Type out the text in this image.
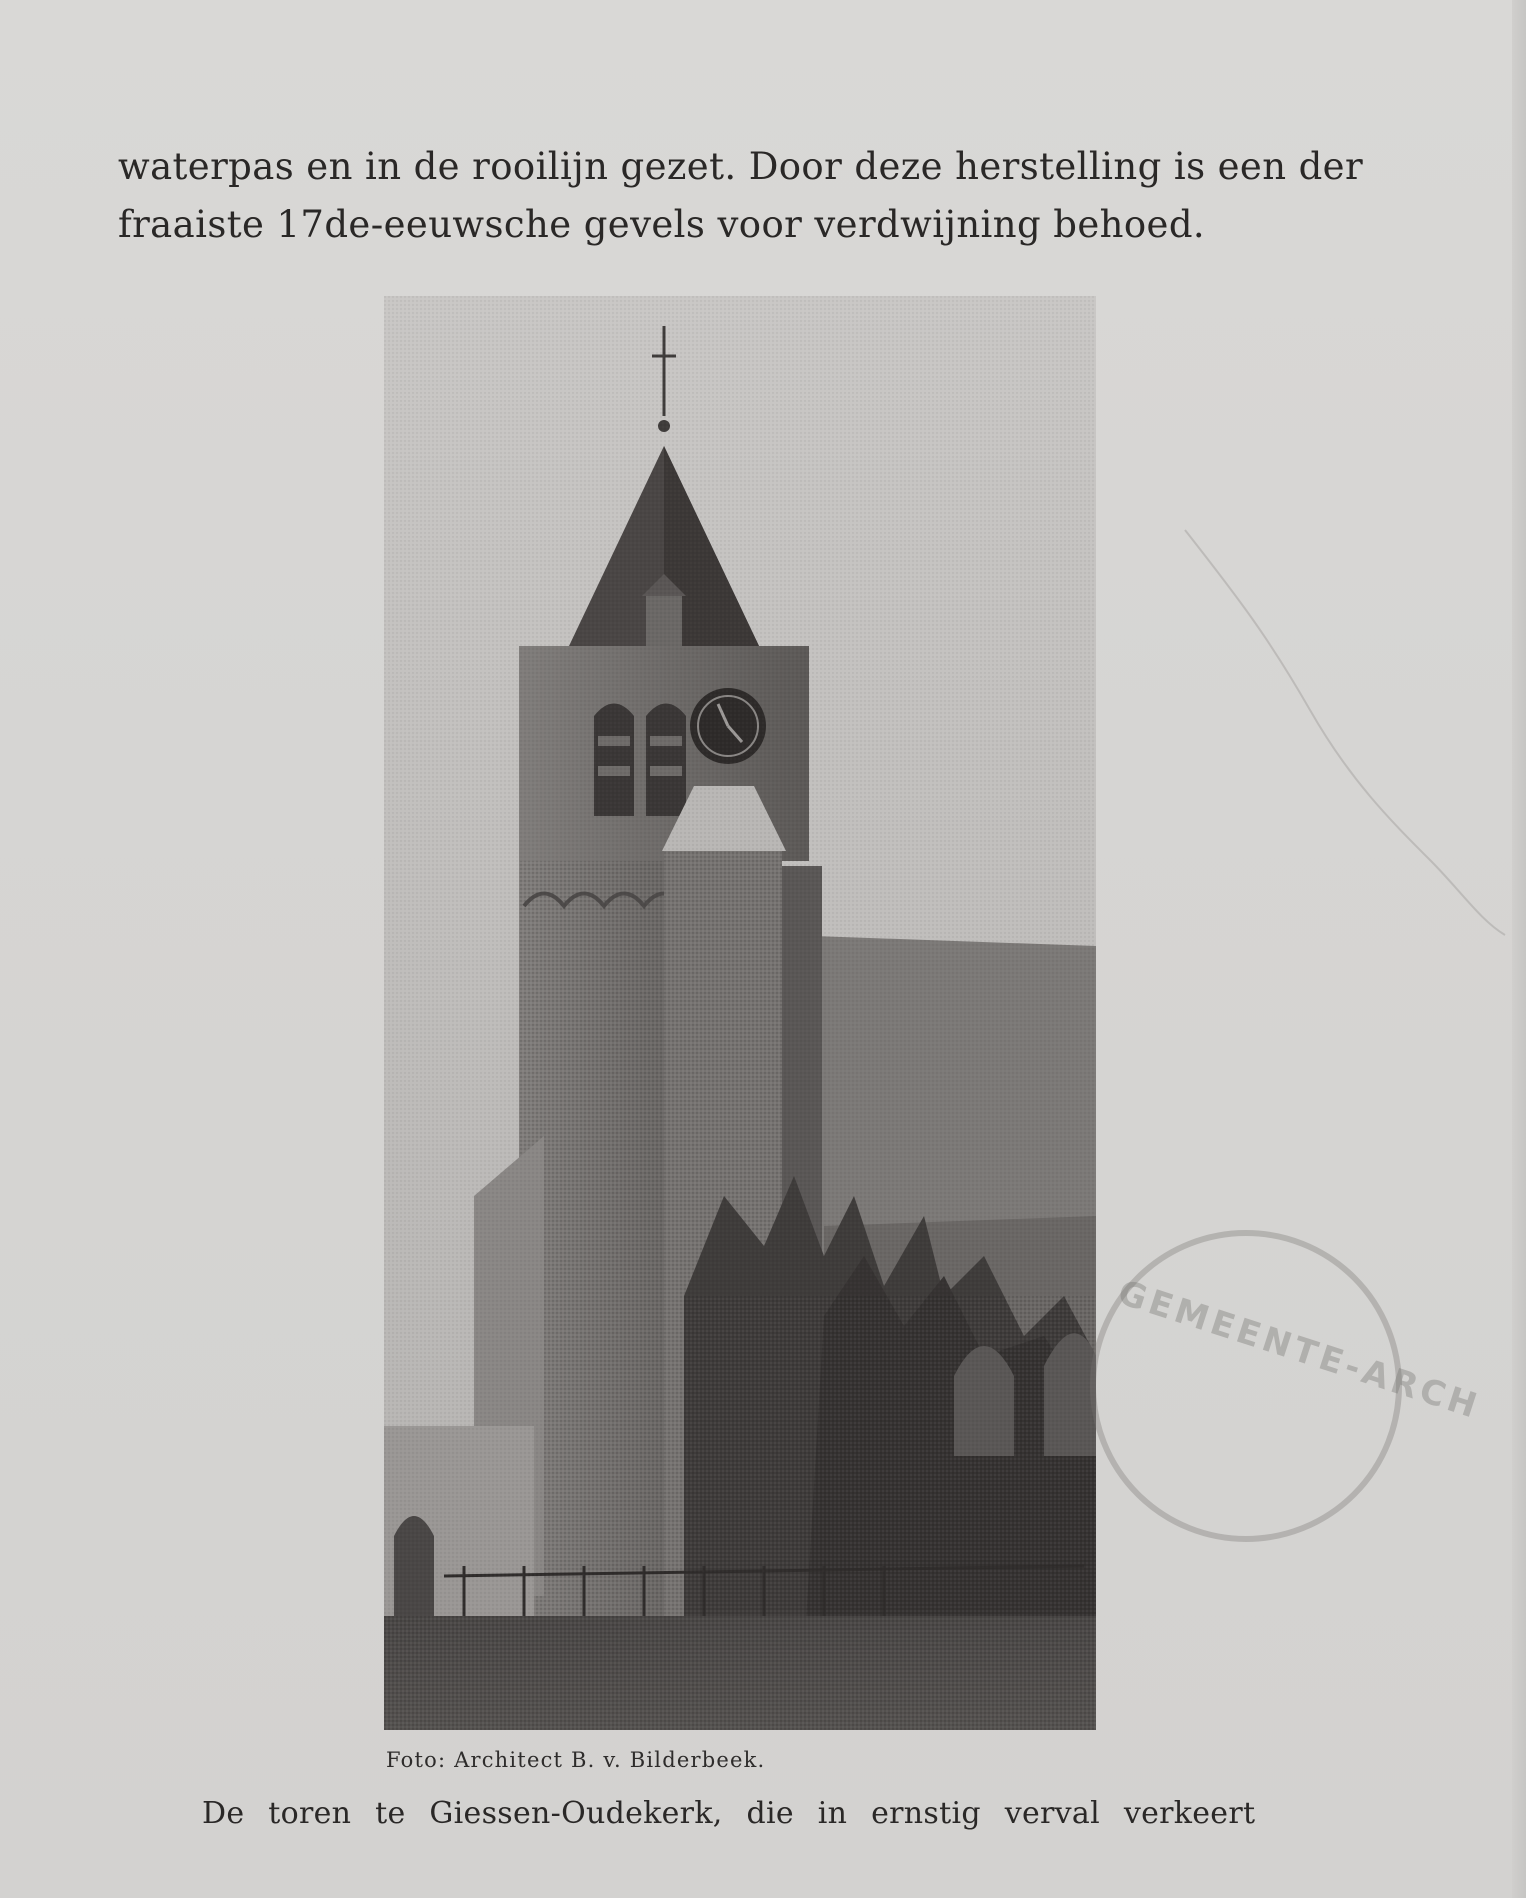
waterpas en in de rooilijn gezet. Door deze herstelling is een der
fraaiste 17de-eeuwsche gevels voor verdwijning behoed.
Foto: Architect B. v. Bilderbeek.
De toren te Giessen-Oudekerk, die in ernstig verval verkeert
GEMEENTE-ARCH
